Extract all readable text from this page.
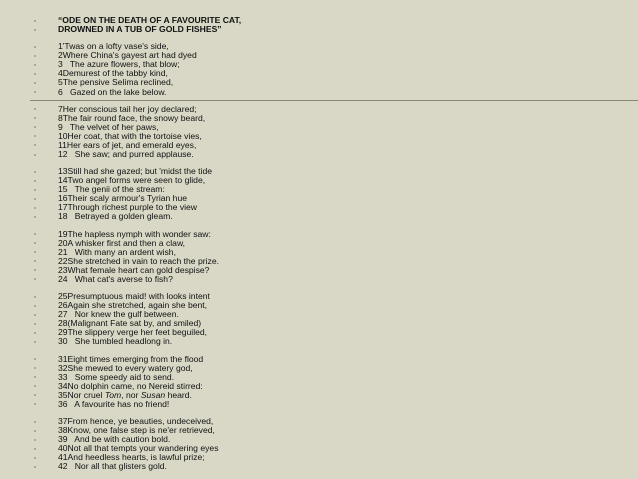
“ODE ON THE DEATH OF A FAVOURITE CAT,
DROWNED IN A TUB OF GOLD FISHES”
1'Twas on a lofty vase's side,
2Where China's gayest art had dyed
3   The azure flowers, that blow;
4Demurest of the tabby kind,
5The pensive Selima reclined,
6   Gazed on the lake below.
7Her conscious tail her joy declared;
8The fair round face, the snowy beard,
9   The velvet of her paws,
10Her coat, that with the tortoise vies,
11Her ears of jet, and emerald eyes,
12   She saw; and purred applause.
13Still had she gazed; but 'midst the tide
14Two angel forms were seen to glide,
15   The genii of the stream:
16Their scaly armour's Tyrian hue
17Through richest purple to the view
18   Betrayed a golden gleam.
19The hapless nymph with wonder saw:
20A whisker first and then a claw,
21   With many an ardent wish,
22She stretched in vain to reach the prize.
23What female heart can gold despise?
24   What cat's averse to fish?
25Presumptuous maid! with looks intent
26Again she stretched, again she bent,
27   Nor knew the gulf between.
28(Malignant Fate sat by, and smiled)
29The slippery verge her feet beguiled,
30   She tumbled headlong in.
31Eight times emerging from the flood
32She mewed to every watery god,
33   Some speedy aid to send.
34No dolphin came, no Nereid stirred:
35Nor cruel Tom, nor Susan heard.
36   A favourite has no friend!
37From hence, ye beauties, undeceived,
38Know, one false step is ne'er retrieved,
39   And be with caution bold.
40Not all that tempts your wandering eyes
41And heedless hearts, is lawful prize;
42   Nor all that glisters gold.
